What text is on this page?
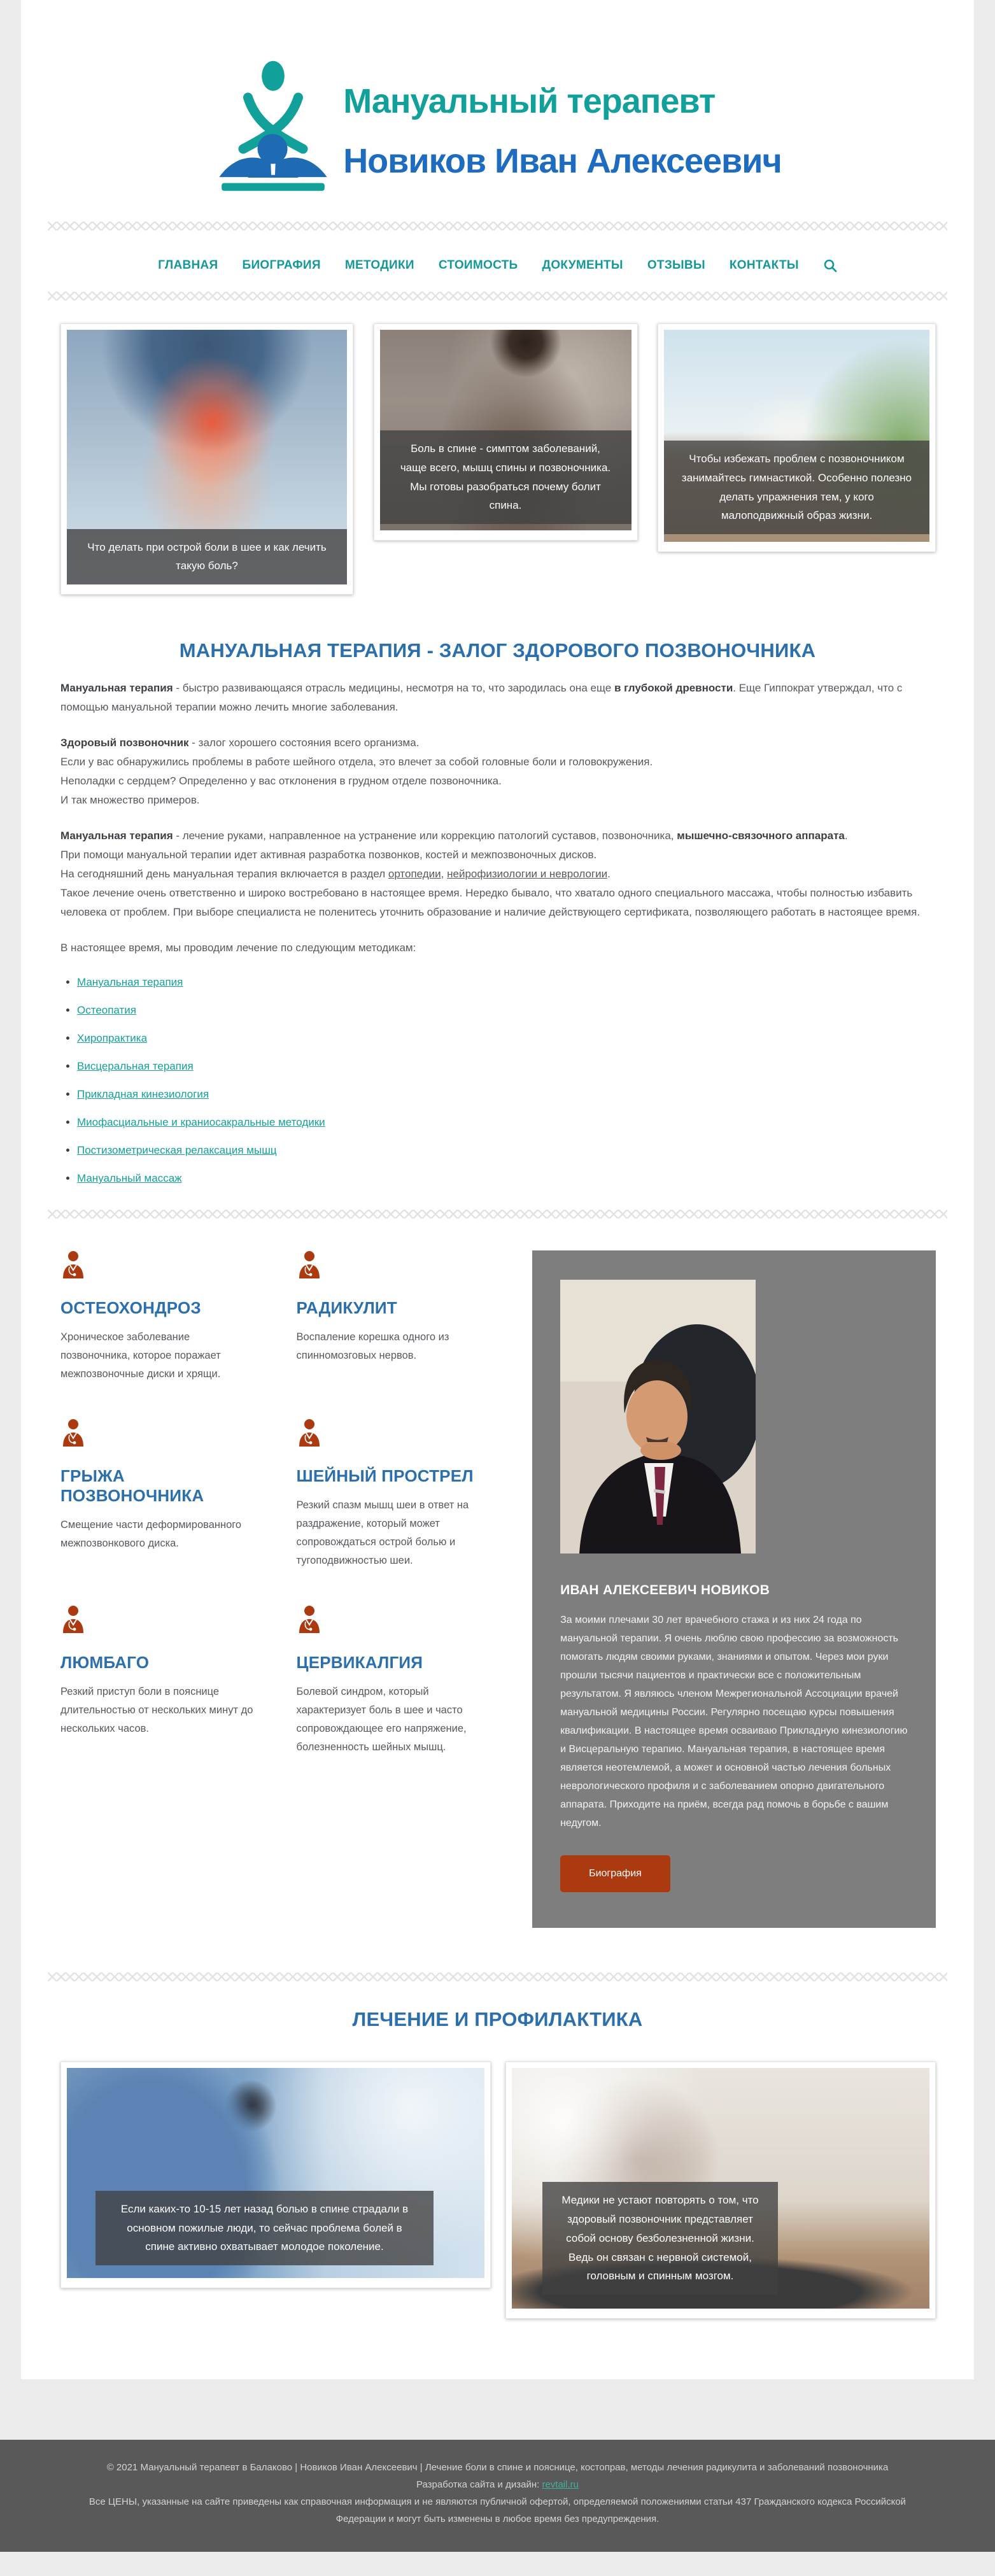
Мануальный терапевт
Новиков Иван Алексеевич
ГЛАВНАЯ БИОГРАФИЯ МЕТОДИКИ СТОИМОСТЬ ДОКУМЕНТЫ ОТЗЫВЫ КОНТАКТЫ
Что делать при острой боли в шее и как лечить такую боль?
Боль в спине - симптом заболеваний, чаще всего, мышц спины и позвоночника. Мы готовы разобраться почему болит спина.
Чтобы избежать проблем с позвоночником занимайтесь гимнастикой. Особенно полезно делать упражнения тем, у кого малоподвижный образ жизни.
МАНУАЛЬНАЯ ТЕРАПИЯ - ЗАЛОГ ЗДОРОВОГО ПОЗВОНОЧНИКА

Мануальная терапия - быстро развивающаяся отрасль медицины, несмотря на то, что зародилась она еще в глубокой древности. Еще Гиппократ утверждал, что с помощью мануальной терапии можно лечить многие заболевания.

Здоровый позвоночник - залог хорошего состояния всего организма.
Если у вас обнаружились проблемы в работе шейного отдела, это влечет за собой головные боли и головокружения.
Неполадки с сердцем? Определенно у вас отклонения в грудном отделе позвоночника.
И так множество примеров.

Мануальная терапия - лечение руками, направленное на устранение или коррекцию патологий суставов, позвоночника, мышечно-связочного аппарата.
При помощи мануальной терапии идет активная разработка позвонков, костей и межпозвоночных дисков.
На сегодняшний день мануальная терапия включается в раздел ортопедии, нейрофизиологии и неврологии.
Такое лечение очень ответственно и широко востребовано в настоящее время. Нередко бывало, что хватало одного специального массажа, чтобы полностью избавить человека от проблем. При выборе специалиста не поленитесь уточнить образование и наличие действующего сертификата, позволяющего работать в настоящее время.

В настоящее время, мы проводим лечение по следующим методикам:

• Мануальная терапия
• Остеопатия
• Хиропрактика
• Висцеральная терапия
• Прикладная кинезиология
• Миофасциальные и краниосакральные методики
• Постизометрическая релаксация мышц
• Мануальный массаж
ОСТЕОХОНДРОЗ

Хроническое заболевание позвоночника, которое поражает межпозвоночные диски и хрящи.

РАДИКУЛИТ

Воспаление корешка одного из спинномозговых нервов.

ГРЫЖА ПОЗВОНОЧНИКА

Смещение части деформированного межпозвонкового диска.

ШЕЙНЫЙ ПРОСТРЕЛ

Резкий спазм мышц шеи в ответ на раздражение, который может сопровождаться острой болью и тугоподвижностью шеи.

ЛЮМБАГО

Резкий приступ боли в пояснице длительностью от нескольких минут до нескольких часов.

ЦЕРВИКАЛГИЯ

Болевой синдром, который характеризует боль в шее и часто сопровождающее его напряжение, болезненность шейных мышц.

ИВАН АЛЕКСЕЕВИЧ НОВИКОВ

За моими плечами 30 лет врачебного стажа и из них 24 года по мануальной терапии. Я очень люблю свою профессию за возможность помогать людям своими руками, знаниями и опытом. Через мои руки прошли тысячи пациентов и практически все с положительным результатом. Я являюсь членом Межрегиональной Ассоциации врачей мануальной медицины России. Регулярно посещаю курсы повышения квалификации. В настоящее время осваиваю Прикладную кинезиологию и Висцеральную терапию. Мануальная терапия, в настоящее время является неотемлемой, а может и основной частью лечения больных неврологического профиля и с заболеванием опорно двигательного аппарата. Приходите на приём, всегда рад помочь в борьбе с вашим недугом.

Биография
ЛЕЧЕНИЕ И ПРОФИЛАКТИКА
Если каких-то 10-15 лет назад болью в спине страдали в основном пожилые люди, то сейчас проблема болей в спине активно охватывает молодое поколение.
Медики не устают повторять о том, что здоровый позвоночник представляет собой основу безболезненной жизни. Ведь он связан с нервной системой, головным и спинным мозгом.

© 2021 Мануальный терапевт в Балаково | Новиков Иван Алексеевич | Лечение боли в спине и пояснице, костоправ, методы лечения радикулита и заболеваний позвоночника

Разработка сайта и дизайн: revtail.ru

Все ЦЕНЫ, указанные на сайте приведены как справочная информация и не являются публичной офертой, определяемой положениями статьи 437 Гражданского кодекса Российской Федерации и могут быть изменены в любое время без предупреждения.
